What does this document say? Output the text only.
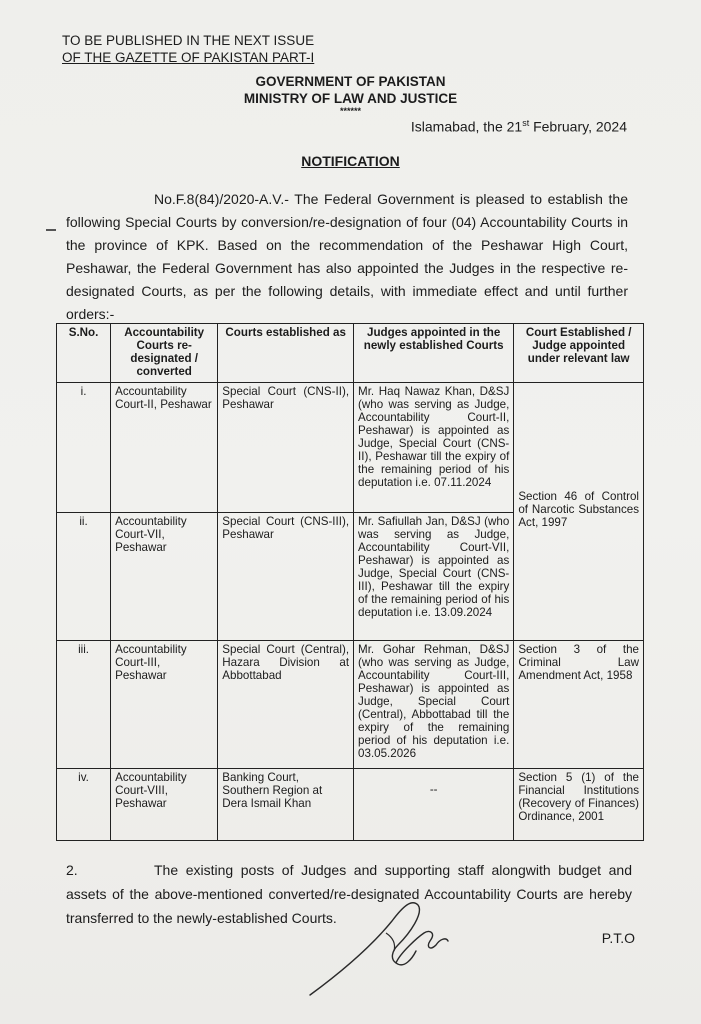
TO BE PUBLISHED IN THE NEXT ISSUE
OF THE GAZETTE OF PAKISTAN PART-I
GOVERNMENT OF PAKISTAN
MINISTRY OF LAW AND JUSTICE
******
Islamabad, the 21st February, 2024
NOTIFICATION
No.F.8(84)/2020-A.V.- The Federal Government is pleased to establish the following Special Courts by conversion/re-designation of four (04) Accountability Courts in the province of KPK. Based on the recommendation of the Peshawar High Court, Peshawar, the Federal Government has also appointed the Judges in the respective re-designated Courts, as per the following details, with immediate effect and until further orders:-
S.No.	Accountability Courts re-designated / converted	Courts established as	Judges appointed in the newly established Courts	Court Established / Judge appointed under relevant law
i.	Accountability Court-II, Peshawar	Special Court (CNS-II), Peshawar	Mr. Haq Nawaz Khan, D&SJ (who was serving as Judge, Accountability Court-II, Peshawar) is appointed as Judge, Special Court (CNS-II), Peshawar till the expiry of the remaining period of his deputation i.e. 07.11.2024	Section 46 of Control of Narcotic Substances Act, 1997
ii.	Accountability Court-VII, Peshawar	Special Court (CNS-III), Peshawar	Mr. Safiullah Jan, D&SJ (who was serving as Judge, Accountability Court-VII, Peshawar) is appointed as Judge, Special Court (CNS-III), Peshawar till the expiry of the remaining period of his deputation i.e. 13.09.2024	
iii.	Accountability Court-III, Peshawar	Special Court (Central), Hazara Division at Abbottabad	Mr. Gohar Rehman, D&SJ (who was serving as Judge, Accountability Court-III, Peshawar) is appointed as Judge, Special Court (Central), Abbottabad till the expiry of the remaining period of his deputation i.e. 03.05.2026	Section 3 of the Criminal Law Amendment Act, 1958
iv.	Accountability Court-VIII, Peshawar	Banking Court, Southern Region at Dera Ismail Khan	--	Section 5 (1) of the Financial Institutions (Recovery of Finances) Ordinance, 2001
2.	The existing posts of Judges and supporting staff alongwith budget and assets of the above-mentioned converted/re-designated Accountability Courts are hereby transferred to the newly-established Courts.
P.T.O
